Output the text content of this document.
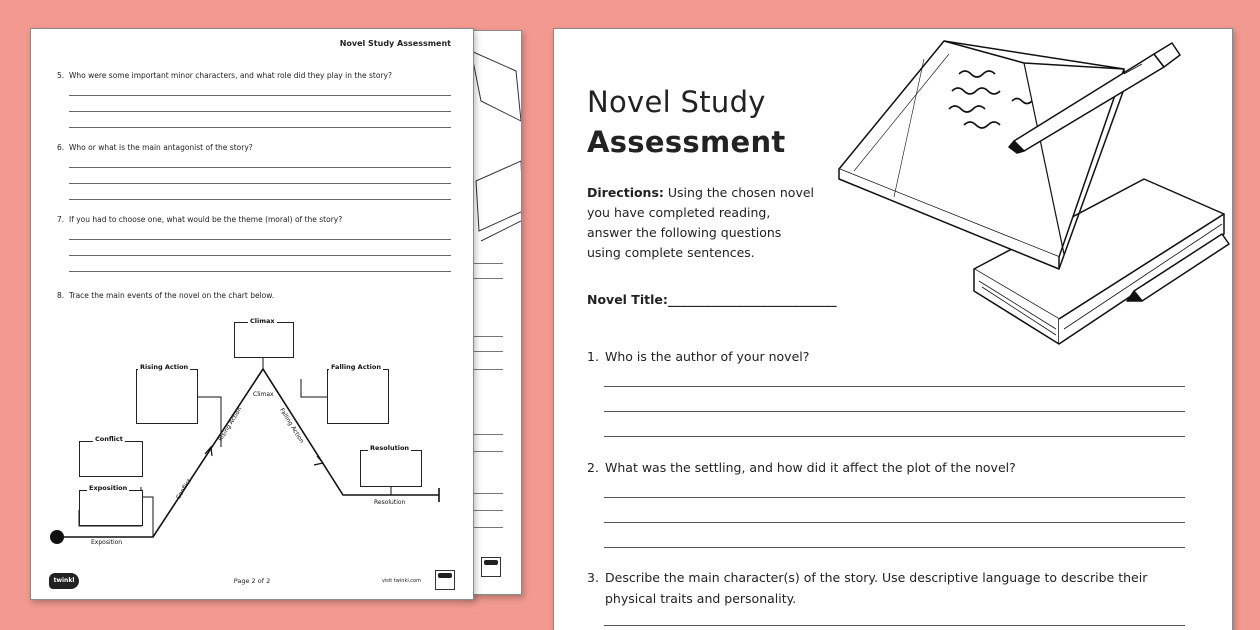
Novel Study Assessment
5. Who were some important minor characters, and what role did they play in the story?
6. Who or what is the main antagonist of the story?
7. If you had to choose one, what would be the theme (moral) of the story?
8. Trace the main events of the novel on the chart below.
Climax
Rising Action	Falling Action
Conflict
Exposition
Resolution
Exposition
Conflict
Rising Action
Climax
Falling Action
Resolution
twinkl	Page 2 of 2	visit twinkl.com
Novel Study
Assessment
Directions: Using the chosen novel you have completed reading, answer the following questions using complete sentences.
Novel Title:___________________________
1. Who is the author of your novel?
2. What was the settling, and how did it affect the plot of the novel?
3. Describe the main character(s) of the story. Use descriptive language to describe their
physical traits and personality.
